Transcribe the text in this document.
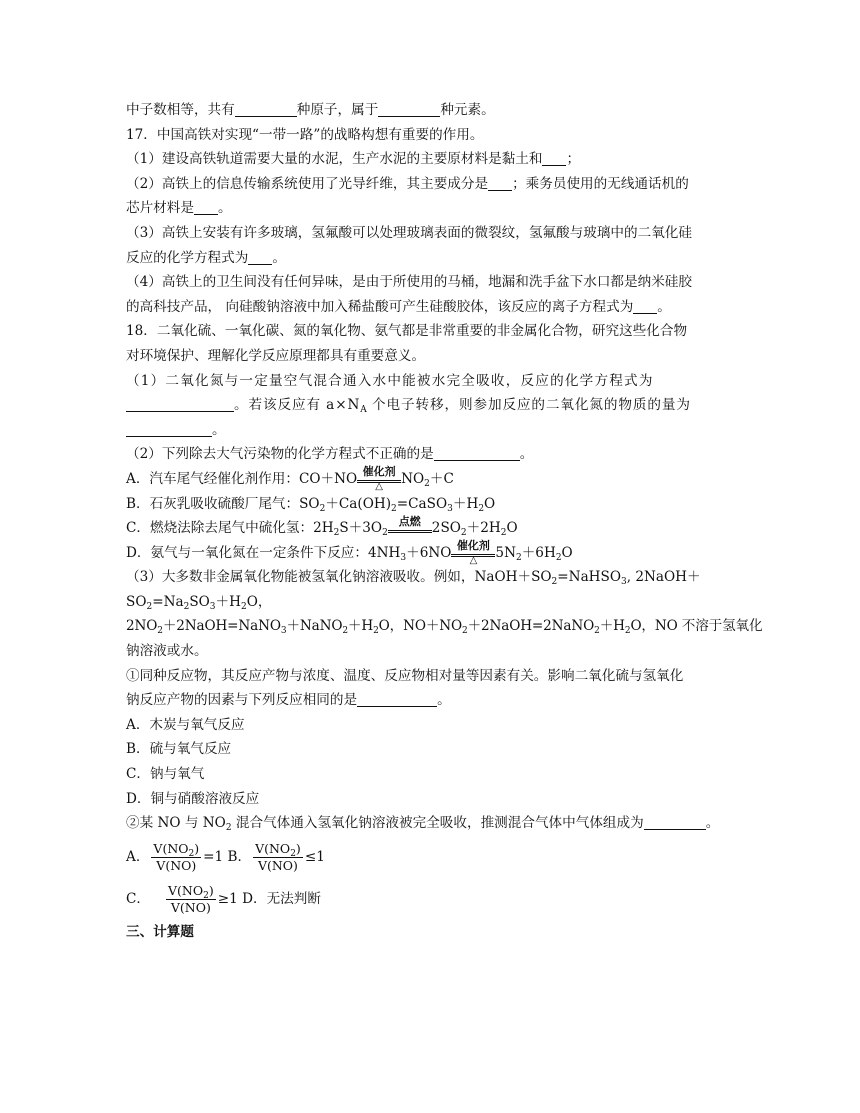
中子数相等，共有	种原子，属于	种元素。
17．中国高铁对实现“一带一路”的战略构想有重要的作用。
（1）建设高铁轨道需要大量的水泥，生产水泥的主要原材料是黏土和 ；
（2）高铁上的信息传输系统使用了光导纤维，其主要成分是 ；乘务员使用的无线通话机的
芯片材料是 。
（3）高铁上安装有许多玻璃，氢氟酸可以处理玻璃表面的微裂纹，氢氟酸与玻璃中的二氧化硅
反应的化学方程式为 。
（4）高铁上的卫生间没有任何异味，是由于所使用的马桶，地漏和洗手盆下水口都是纳米硅胶
的高科技产品， 向硅酸钠溶液中加入稀盐酸可产生硅酸胶体，该反应的离子方程式为 。
18．二氧化硫、一氧化碳、氮的氧化物、氨气都是非常重要的非金属化合物，研究这些化合物
对环境保护、理解化学反应原理都具有重要意义。
（1）二氧化氮与一定量空气混合通入水中能被水完全吸收，反应的化学方程式为
。若该反应有 $a\times N_A$ 个电子转移，则参加反应的二氧化氮的物质的量为
。
（2）下列除去大气污染物的化学方程式不正确的是	。
A．汽车尾气经催化剂作用：CO＋NO 催化剂
△	$NO_2+C$
B．石灰乳吸收硫酸厂尾气：$SO_2+Ca(OH)_2=CaSO_3+H_2O$
C．燃烧法除去尾气中硫化氢：$2H_2S+3O_2$
点燃 $2SO_2+2H_2O$
D．氨气与一氧化氮在一定条件下反应：$4NH_3+6NO$ 催化剂
△	$5N_2+6H_2O$
（3）大多数非金属氧化物能被氢氧化钠溶液吸收。例如，$NaOH+SO_2=NaHSO_3$, 2NaOH＋
$SO_2=Na_2SO_3+H_2O$，
$2NO_2+2NaOH=NaNO_3+NaNO_2+H_2O$，$NO+NO_2+2NaOH=2NaNO_2+H_2O$，NO 不溶于氢氧化
钠溶液或水。
①同种反应物，其反应产物与浓度、温度、反应物相对量等因素有关。影响二氧化硫与氢氧化
钠反应产物的因素与下列反应相同的是	。
A．木炭与氧气反应
B．硫与氧气反应
C．钠与氧气
D．铜与硝酸溶液反应
②某 NO 与 $NO_2$ 混合气体通入氢氧化钠溶液被完全吸收，推测混合气体中气体组成为	。
A． $\frac{V(NO_2)}{V(NO)} =1$ B． $\frac{V(NO_2)}{V(NO)} \le 1$
C． $\frac{V(NO_2)}{V(NO)} \ge 1$ D．无法判断
三、计算题
